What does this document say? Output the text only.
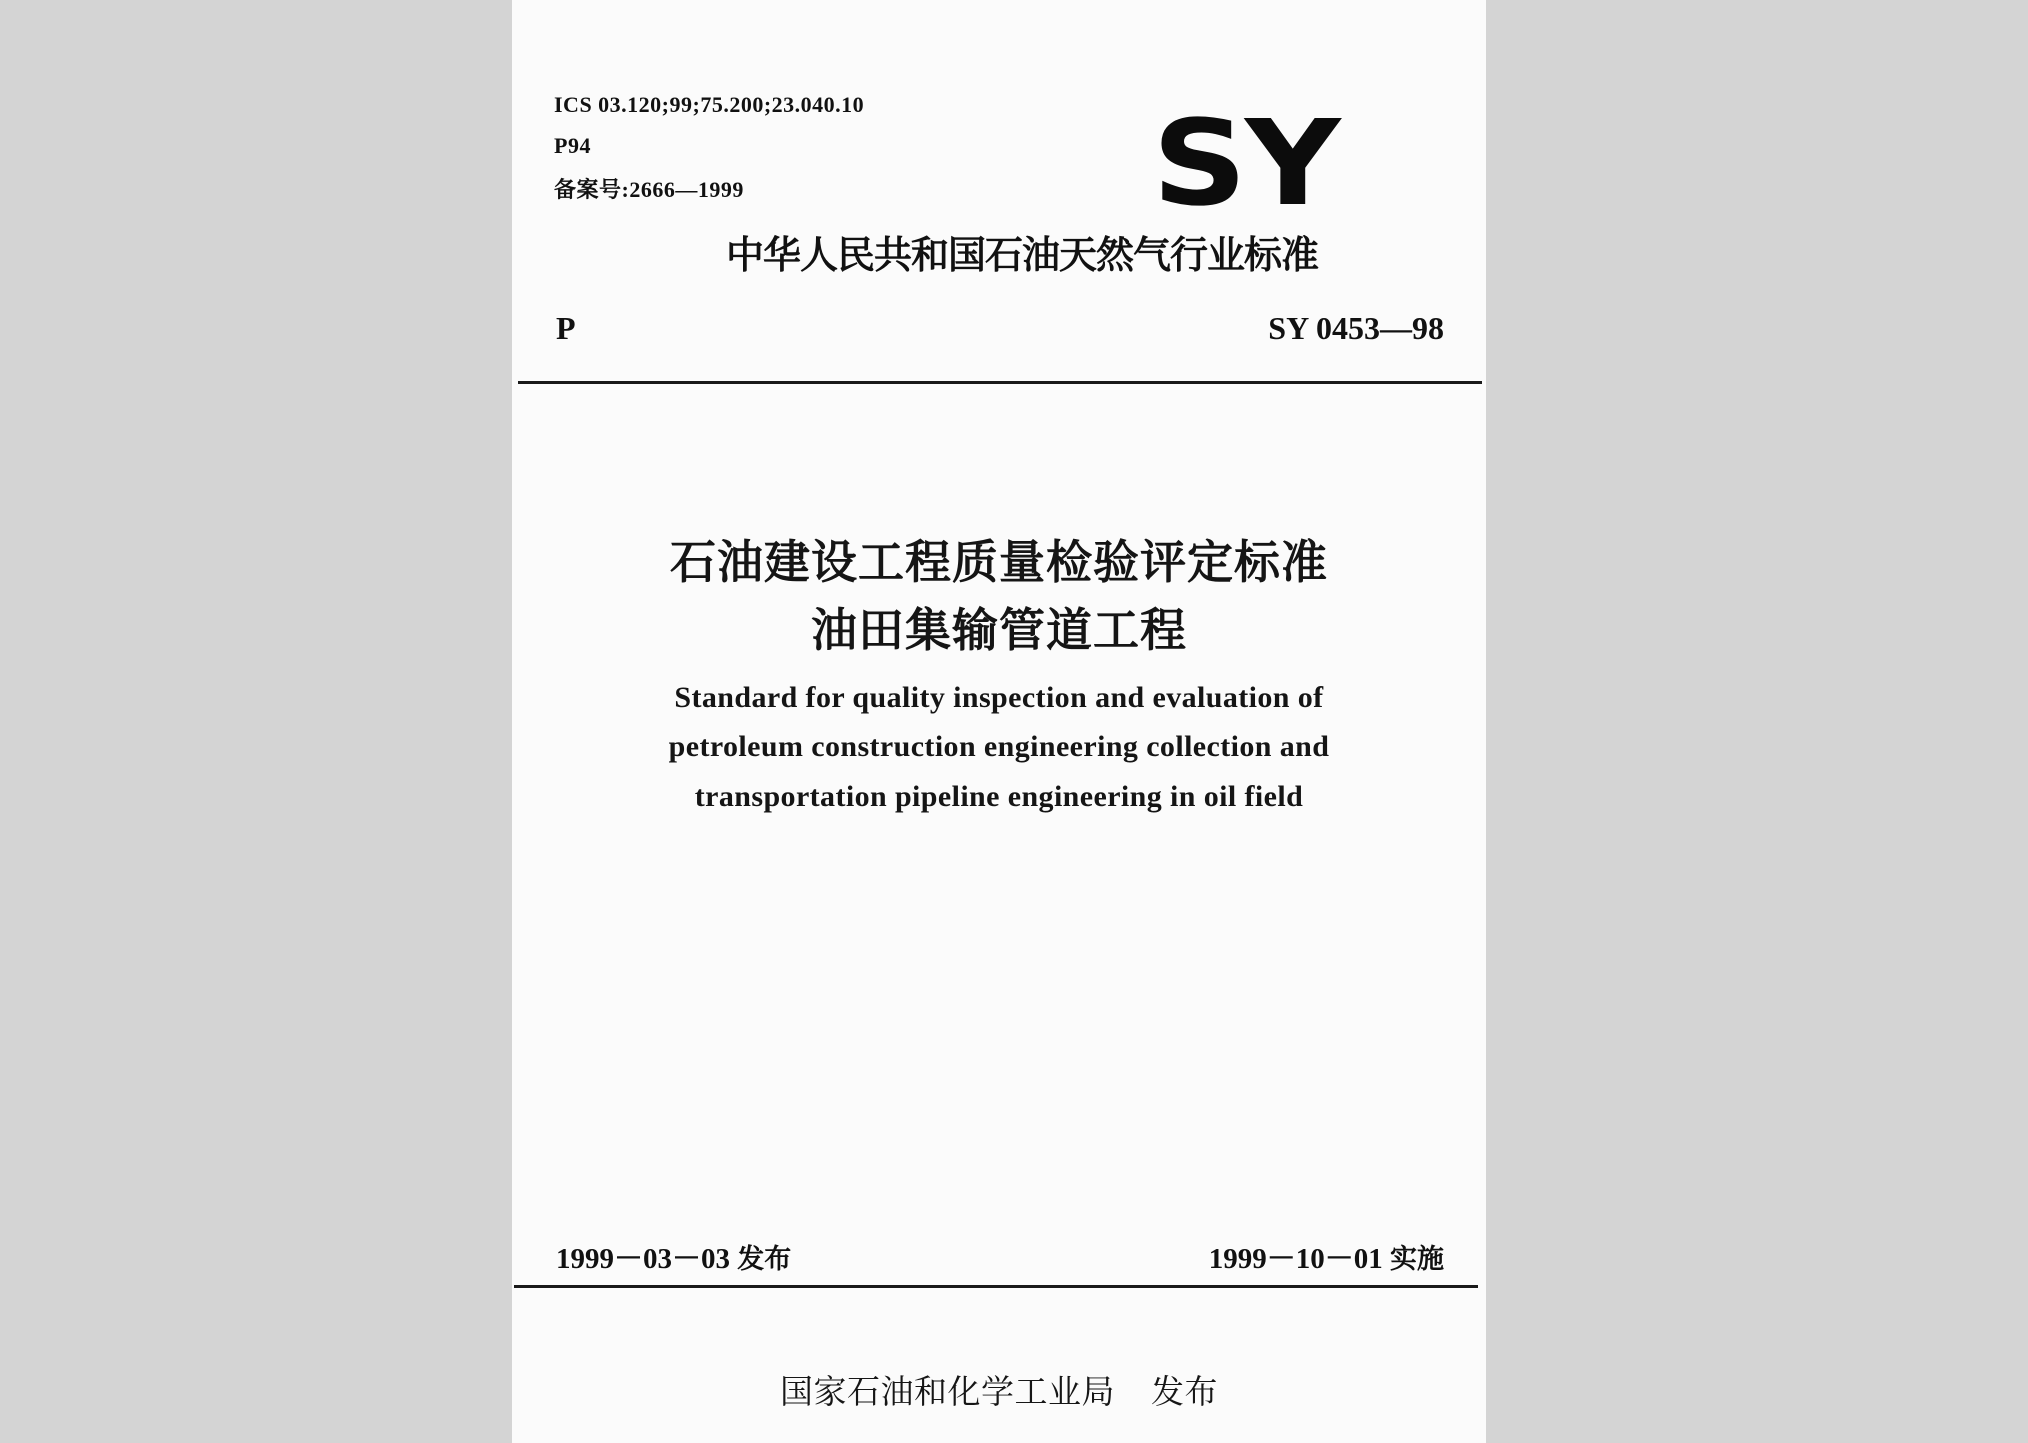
ICS 03.120;99;75.200;23.040.10
P94
备案号:2666—1999	SY
中华人民共和国石油天然气行业标准
P	SY 0453—98
石油建设工程质量检验评定标准
油田集输管道工程
Standard for quality inspection and evaluation of
petroleum construction engineering collection and
transportation pipeline engineering in oil field
1999－03－03 发布	1999－10－01 实施
国家石油和化学工业局 发布
